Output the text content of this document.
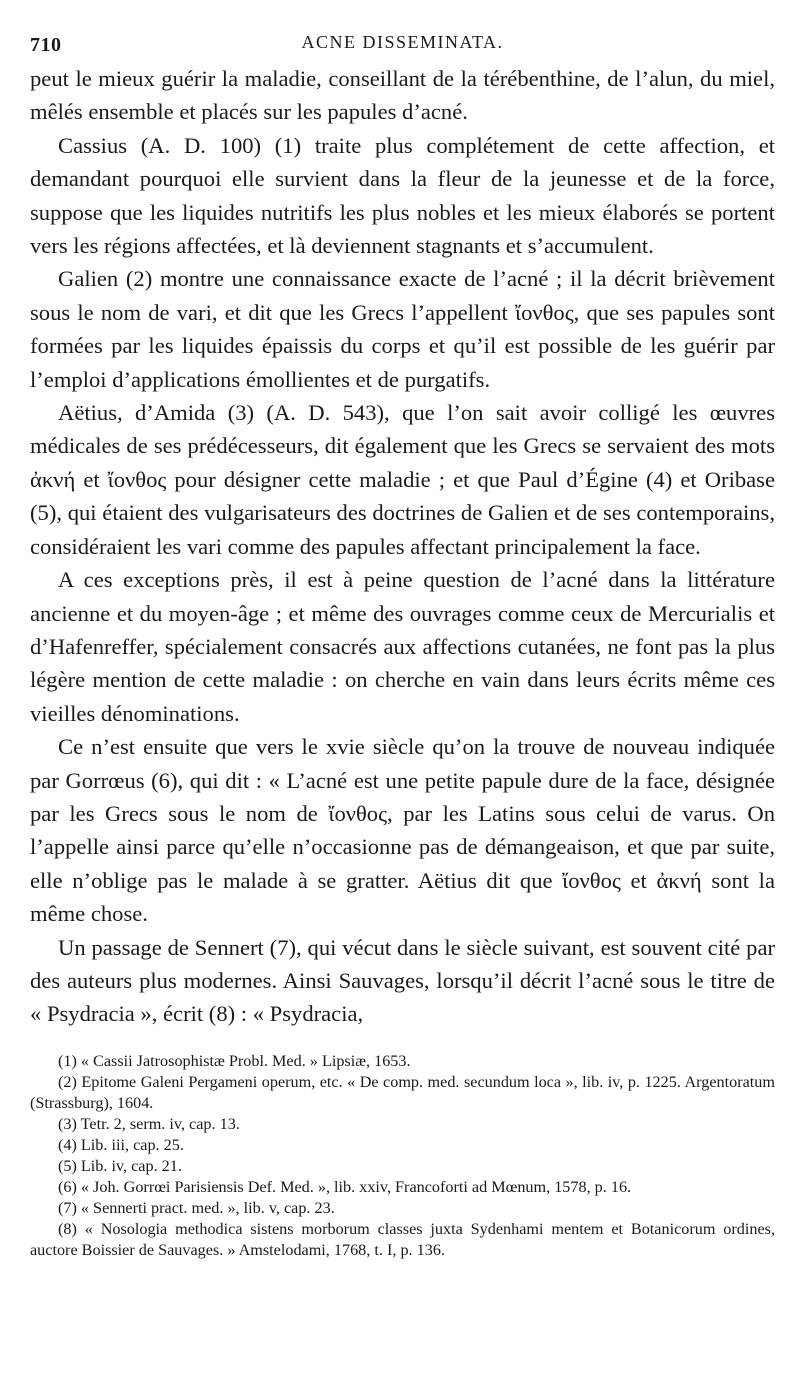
710	ACNE DISSEMINATA.

peut le mieux guérir la maladie, conseillant de la térébenthine, de l’alun, du miel, mêlés ensemble et placés sur les papules d’acné.

Cassius (A. D. 100) (1) traite plus complétement de cette affection, et demandant pourquoi elle survient dans la fleur de la jeunesse et de la force, suppose que les liquides nutritifs les plus nobles et les mieux élaborés se portent vers les régions affectées, et là deviennent stagnants et s’accumulent.

Galien (2) montre une connaissance exacte de l’acné ; il la décrit brièvement sous le nom de vari, et dit que les Grecs l’appellent ἴονθος, que ses papules sont formées par les liquides épaissis du corps et qu’il est possible de les guérir par l’emploi d’applications émollientes et de purgatifs.

Aëtius, d’Amida (3) (A. D. 543), que l’on sait avoir colligé les œuvres médicales de ses prédécesseurs, dit également que les Grecs se servaient des mots ἀκνή et ἴονθος pour désigner cette maladie ; et que Paul d’Égine (4) et Oribase (5), qui étaient des vulgarisateurs des doctrines de Galien et de ses contemporains, considéraient les vari comme des papules affectant principalement la face.

A ces exceptions près, il est à peine question de l’acné dans la littérature ancienne et du moyen-âge ; et même des ouvrages comme ceux de Mercurialis et d’Hafenreffer, spécialement consacrés aux affections cutanées, ne font pas la plus légère mention de cette maladie : on cherche en vain dans leurs écrits même ces vieilles dénominations.

Ce n’est ensuite que vers le xvie siècle qu’on la trouve de nouveau indiquée par Gorrœus (6), qui dit : « L’acné est une petite papule dure de la face, désignée par les Grecs sous le nom de ἴονθος, par les Latins sous celui de varus. On l’appelle ainsi parce qu’elle n’occasionne pas de démangeaison, et que par suite, elle n’oblige pas le malade à se gratter. Aëtius dit que ἴονθος et ἀκνή sont la même chose.

Un passage de Sennert (7), qui vécut dans le siècle suivant, est souvent cité par des auteurs plus modernes. Ainsi Sauvages, lorsqu’il décrit l’acné sous le titre de « Psydracia », écrit (8) : « Psydracia,

(1) « Cassii Jatrosophistæ Probl. Med. » Lipsiæ, 1653.

(2) Epitome Galeni Pergameni operum, etc. « De comp. med. secundum loca », lib. iv, p. 1225. Argentoratum (Strassburg), 1604.

(3) Tetr. 2, serm. iv, cap. 13.

(4) Lib. iii, cap. 25.

(5) Lib. iv, cap. 21.

(6) « Joh. Gorrœi Parisiensis Def. Med. », lib. xxiv, Francoforti ad Mœnum, 1578, p. 16.

(7) « Sennerti pract. med. », lib. v, cap. 23.

(8) « Nosologia methodica sistens morborum classes juxta Sydenhami mentem et Botanicorum ordines, auctore Boissier de Sauvages. » Amstelodami, 1768, t. I, p. 136.
